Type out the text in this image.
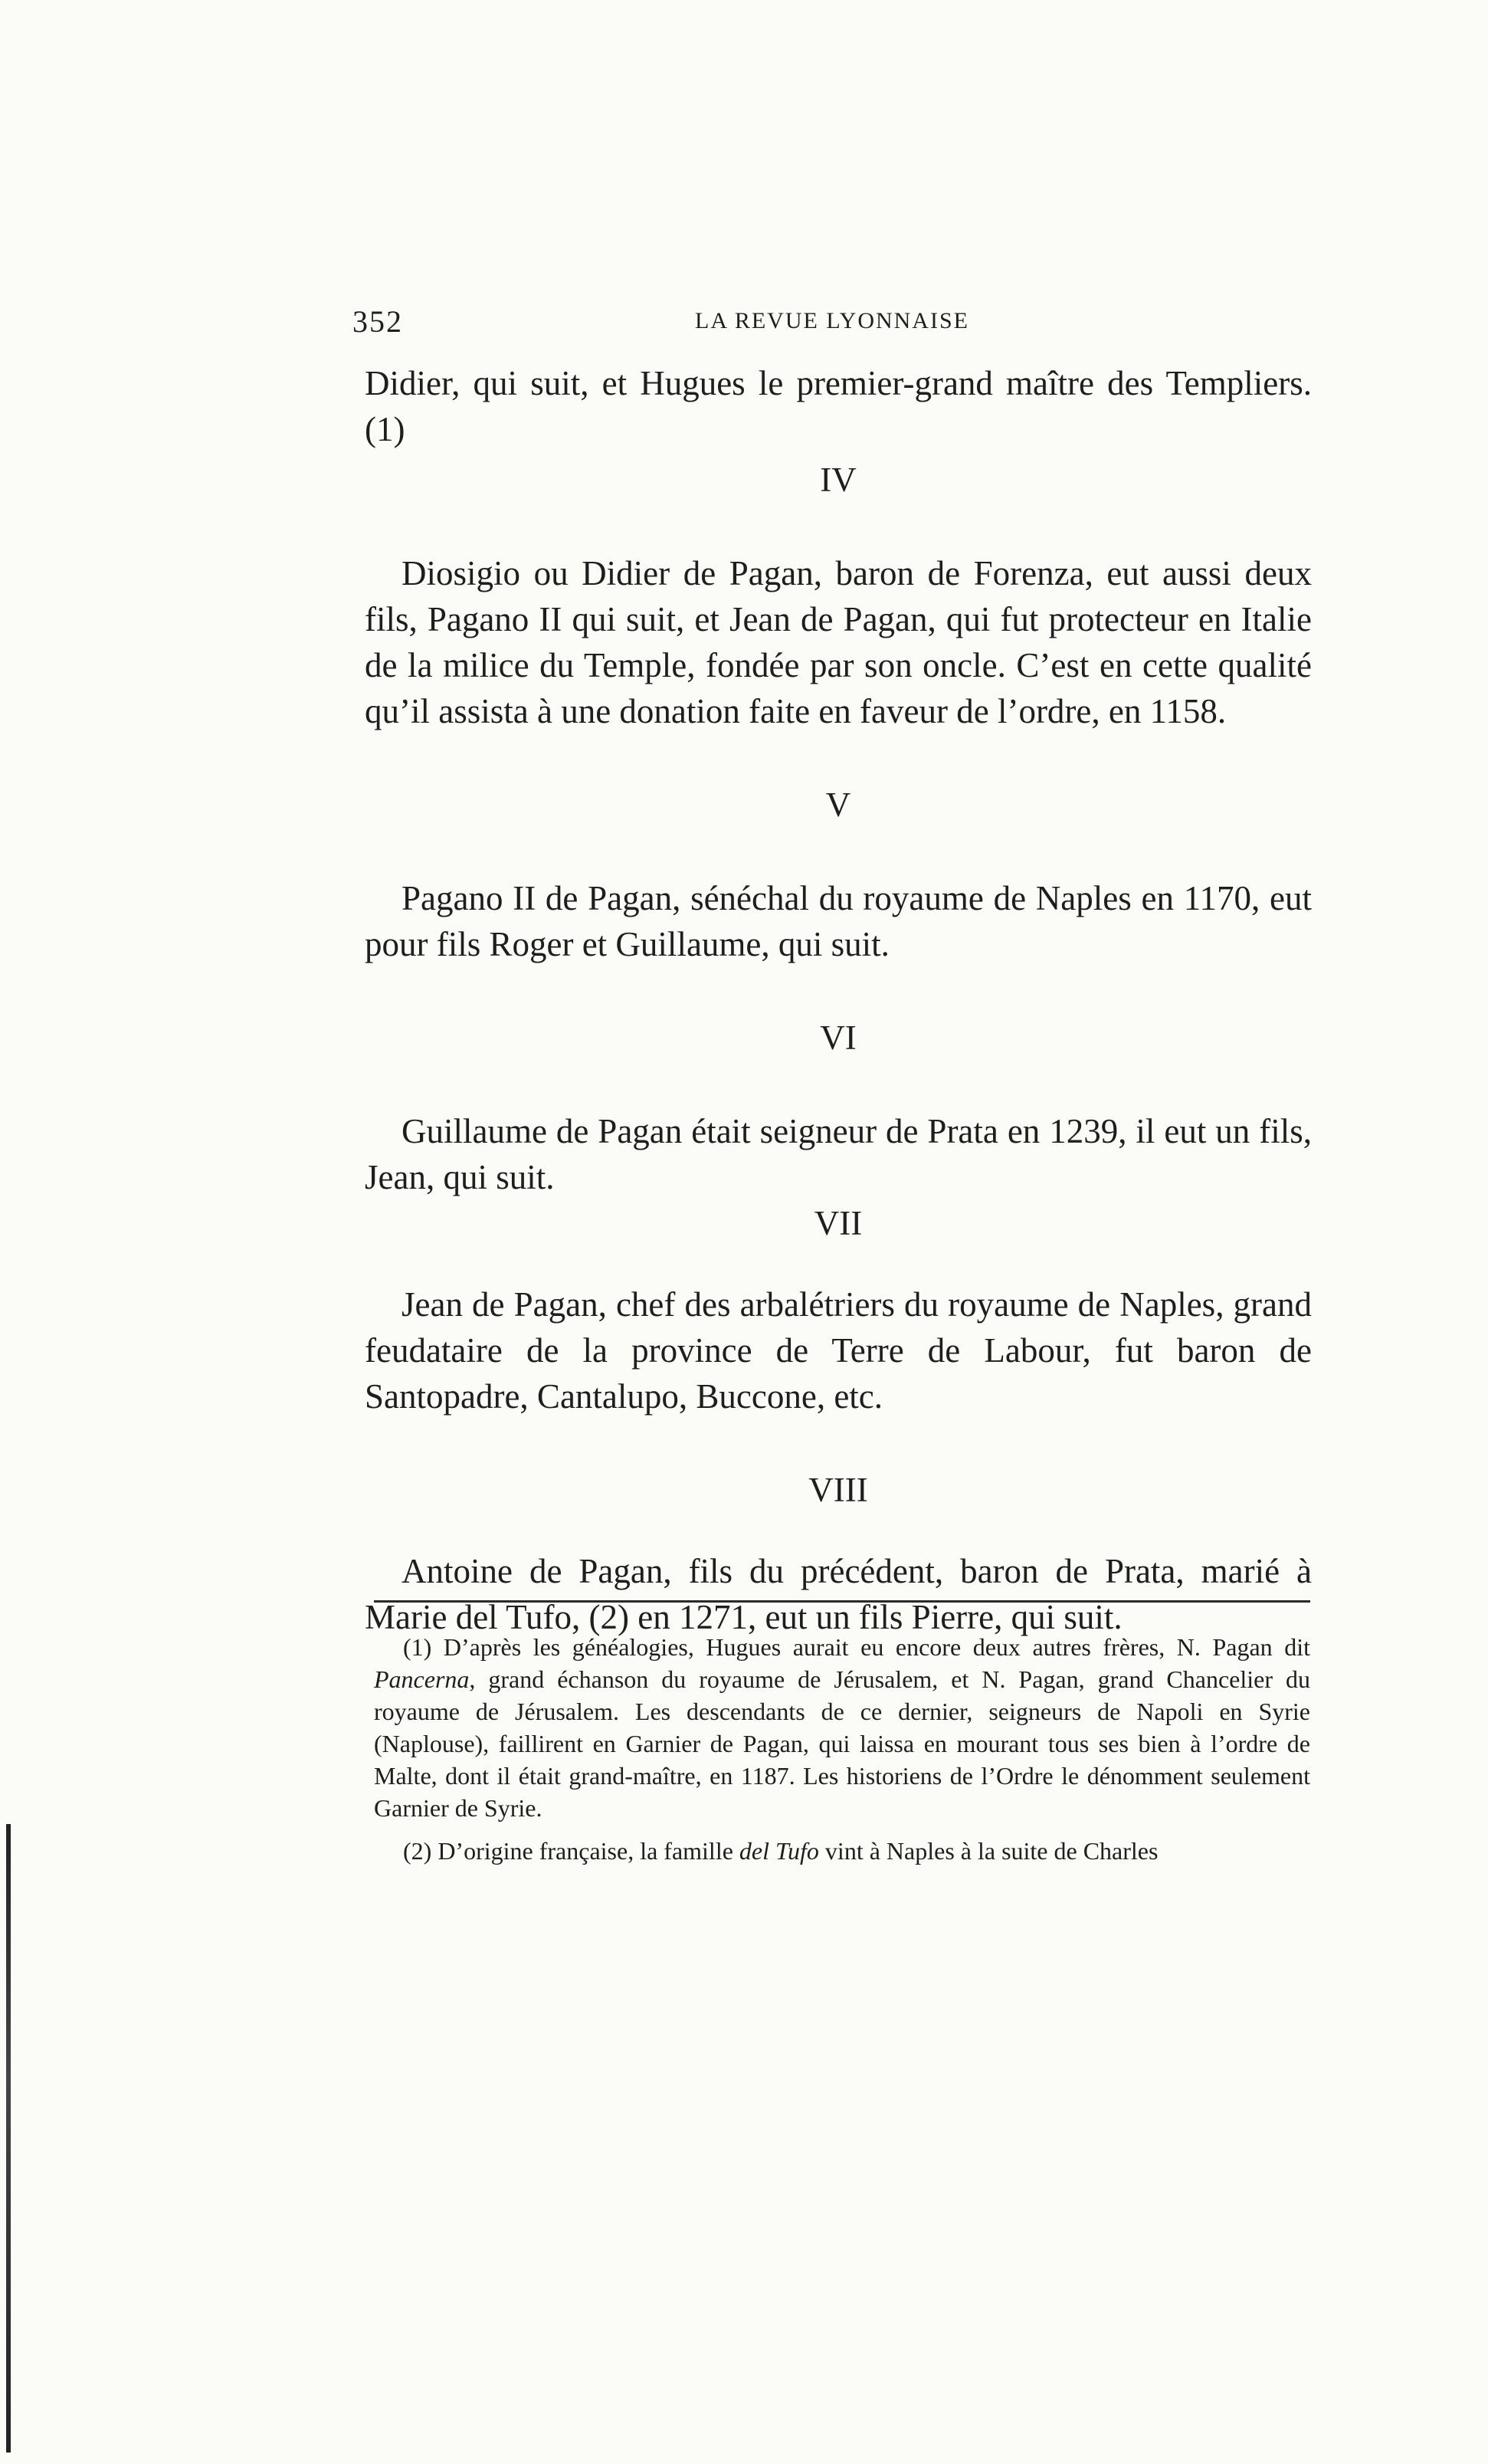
352	LA REVUE LYONNAISE

Didier, qui suit, et Hugues le premier-grand maître des Templiers. (1)

IV

Diosigio ou Didier de Pagan, baron de Forenza, eut aussi deux fils, Pagano II qui suit, et Jean de Pagan, qui fut protecteur en Italie de la milice du Temple, fondée par son oncle. C’est en cette qualité qu’il assista à une donation faite en faveur de l’ordre, en 1158.

V

Pagano II de Pagan, sénéchal du royaume de Naples en 1170, eut pour fils Roger et Guillaume, qui suit.

VI

Guillaume de Pagan était seigneur de Prata en 1239, il eut un fils, Jean, qui suit.

VII

Jean de Pagan, chef des arbalétriers du royaume de Naples, grand feudataire de la province de Terre de Labour, fut baron de Santopadre, Cantalupo, Buccone, etc.

VIII

Antoine de Pagan, fils du précédent, baron de Prata, marié à Marie del Tufo, (2) en 1271, eut un fils Pierre, qui suit.

(1) D’après les généalogies, Hugues aurait eu encore deux autres frères, N. Pagan dit Pancerna, grand échanson du royaume de Jérusalem, et N. Pagan, grand Chancelier du royaume de Jérusalem. Les descendants de ce dernier, seigneurs de Napoli en Syrie (Naplouse), faillirent en Garnier de Pagan, qui laissa en mourant tous ses bien à l’ordre de Malte, dont il était grand-maître, en 1187. Les historiens de l’Ordre le dénomment seulement Garnier de Syrie.

(2) D’origine française, la famille del Tufo vint à Naples à la suite de Charles
